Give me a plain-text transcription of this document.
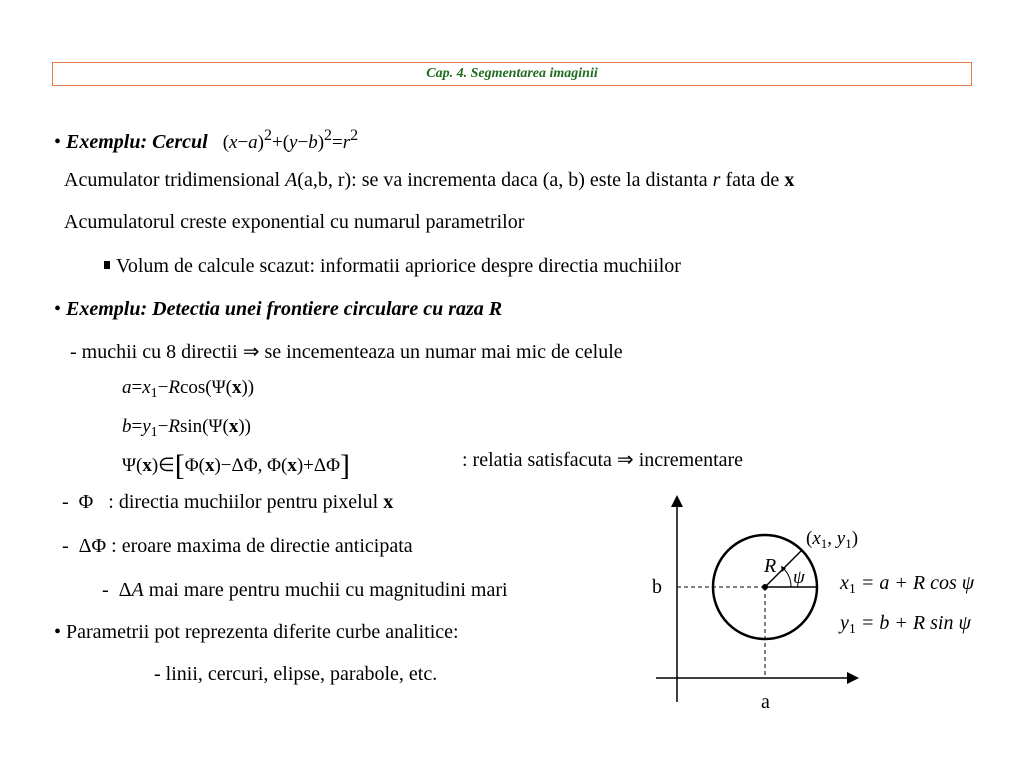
Cap. 4. Segmentarea imaginii
• Exemplu: Cercul $(x-a)^2+(y-b)^2=r^2$
Acumulator tridimensional A(a,b, r): se va incrementa daca (a, b) este la distanta r fata de x
Acumulatorul creste exponential cu numarul parametrilor
Volum de calcule scazut: informatii apriorice despre directia muchiilor
• Exemplu: Detectia unei frontiere circulare cu raza R
- muchii cu 8 directii ⇒ se incementeaza un numar mai mic de celule
$a=x_1-Rcos(\Psi(x))$
$b=y_1-Rsin(\Psi(x))$
Ψ(x)∈[Φ(x)−ΔΦ, Φ(x)+ΔΦ]	: relatia satisfacuta ⇒ incrementare
- Φ   : directia muchiilor pentru pixelul x
- ΔΦ : eroare maxima de directie anticipata
- ΔA mai mare pentru muchii cu magnitudini mari
• Parametrii pot reprezenta diferite curbe analitice:
- linii, cercuri, elipse, parabole, etc.
b
a
R
ψ
($x_1$, $y_1$)
$x_1 = a + R$ cos ψ
$y_1 = b + R$ sin ψ
